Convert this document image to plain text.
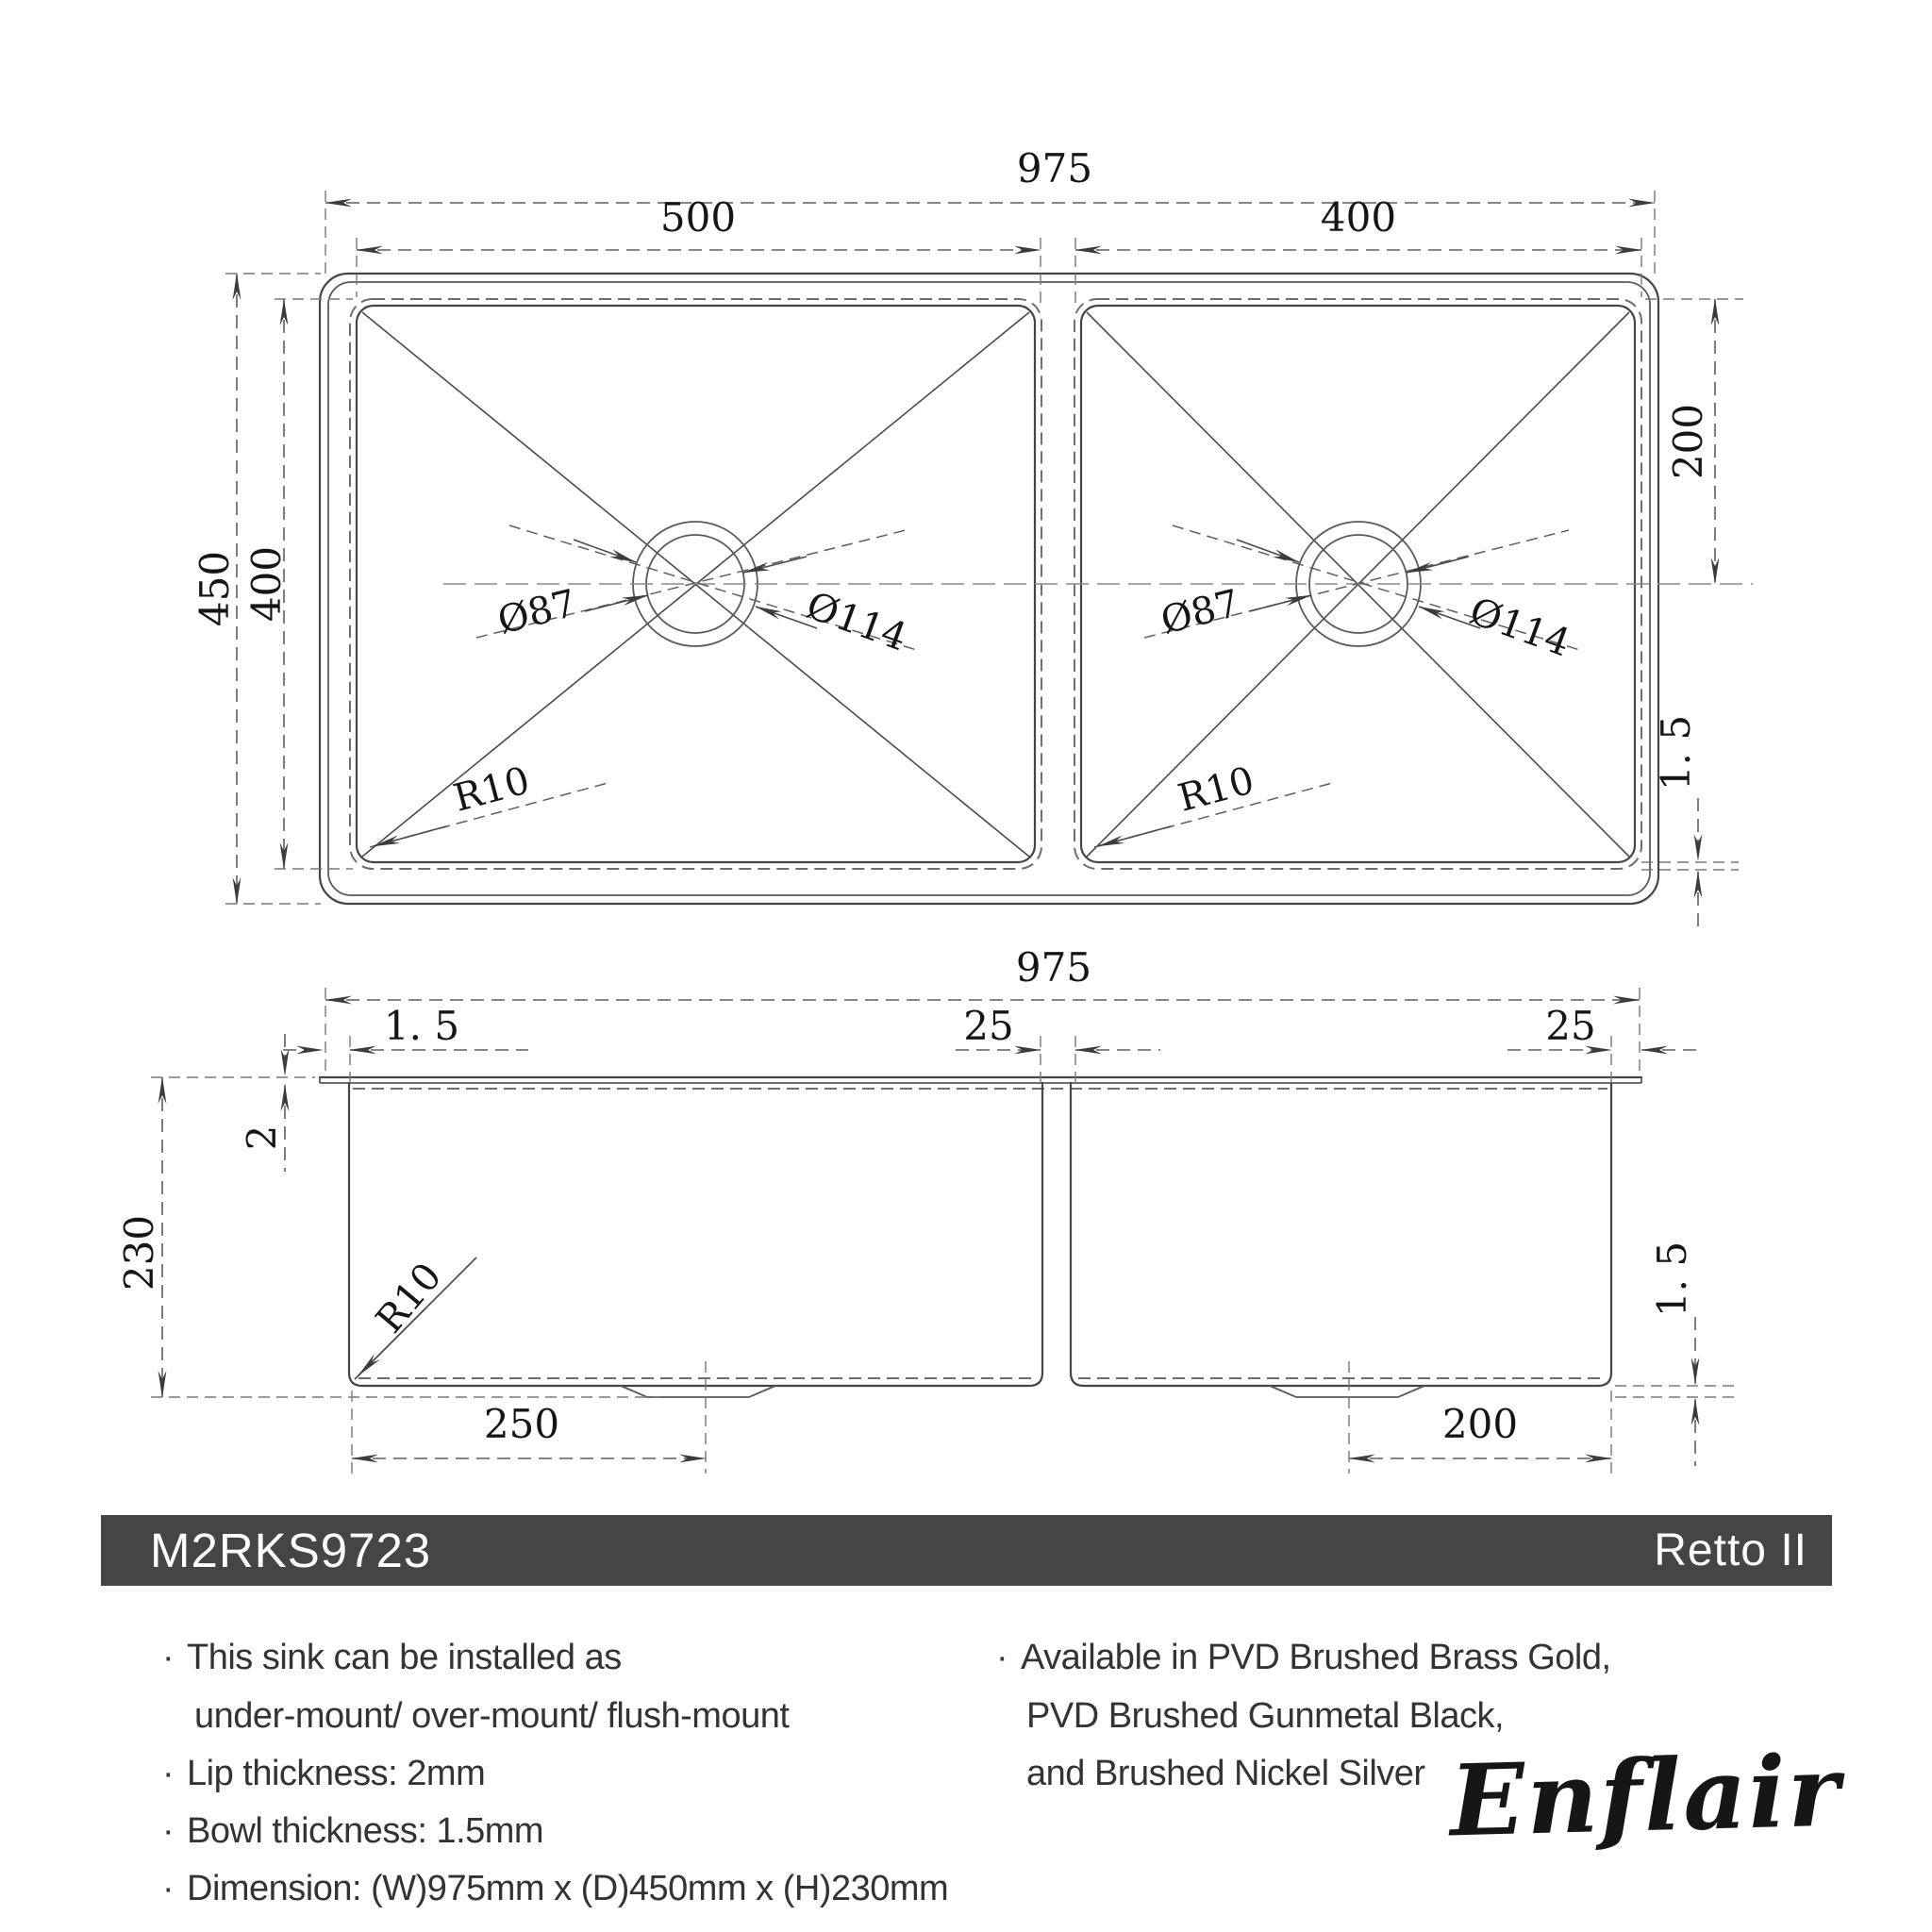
Ø87	Ø114	Ø87	Ø114
R10	R10
975
500	400
450 400
200
1. 5
975
1. 5	25	25
2
230
R10
250	200
1. 5
M2RKS9723	Retto II
· This sink can be installed as
under-mount/ over-mount/ flush-mount
· Lip thickness: 2mm
· Bowl thickness: 1.5mm
· Dimension: (W)975mm x (D)450mm x (H)230mm
· Available in PVD Brushed Brass Gold,
PVD Brushed Gunmetal Black,
and Brushed Nickel Silver Enflair
